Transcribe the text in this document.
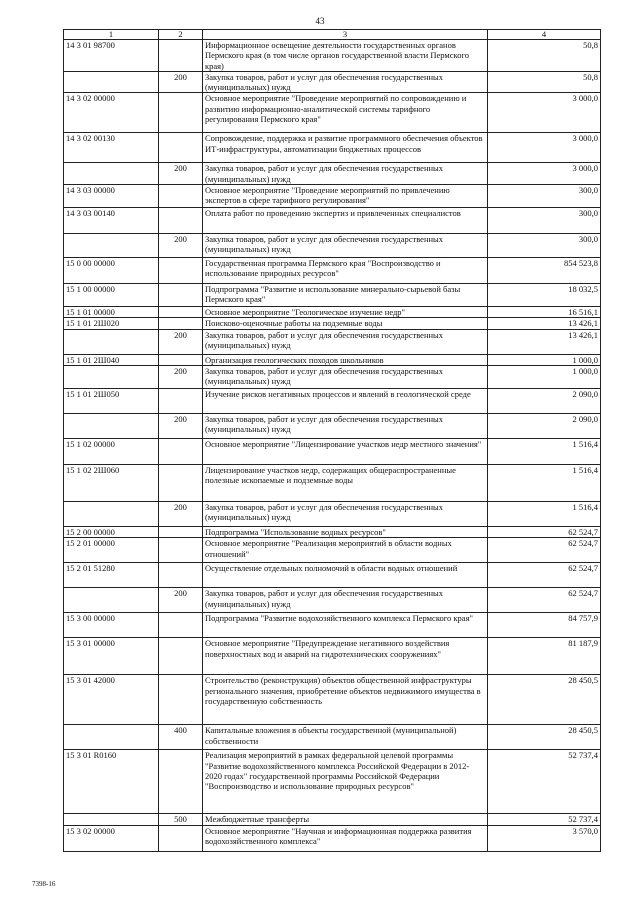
43
1	2	3	4
14 3 01 98700		Информационное освещение деятельности государственных органов Пермского края (в том числе органов государственной власти Пермского края)	50,8
	200	Закупка товаров, работ и услуг для обеспечения государственных (муниципальных) нужд	50,8
14 3 02 00000		Основное мероприятие "Проведение мероприятий по сопровождению и развитию информационно-аналитической системы тарифного регулирования Пермского края"	3 000,0
14 3 02 00130		Сопровождение, поддержка и развитие программного обеспечения объектов ИТ-инфраструктуры, автоматизации бюджетных процессов	3 000,0
	200	Закупка товаров, работ и услуг для обеспечения государственных (муниципальных) нужд	3 000,0
14 3 03 00000		Основное мероприятие "Проведение мероприятий по привлечению экспертов в сфере тарифного регулирования"	300,0
14 3 03 00140		Оплата работ по проведению экспертиз и привлеченных специалистов	300,0
	200	Закупка товаров, работ и услуг для обеспечения государственных (муниципальных) нужд	300,0
15 0 00 00000		Государственная программа Пермского края "Воспроизводство и использование природных ресурсов"	854 523,8
15 1 00 00000		Подпрограмма "Развитие и использование минерально-сырьевой базы Пермского края"	18 032,5
15 1 01 00000		Основное мероприятие "Геологическое изучение недр"	16 516,1
15 1 01 2Ш020		Поисково-оценочные работы на подземные воды	13 426,1
	200	Закупка товаров, работ и услуг для обеспечения государственных (муниципальных) нужд	13 426,1
15 1 01 2Ш040		Организация геологических походов школьников	1 000,0
	200	Закупка товаров, работ и услуг для обеспечения государственных (муниципальных) нужд	1 000,0
15 1 01 2Ш050		Изучение рисков негативных процессов и явлений в геологической среде	2 090,0
	200	Закупка товаров, работ и услуг для обеспечения государственных (муниципальных) нужд	2 090,0
15 1 02 00000		Основное мероприятие "Лицензирование участков недр местного значения"	1 516,4
15 1 02 2Ш060		Лицензирование участков недр, содержащих общераспространенные полезные ископаемые и подземные воды	1 516,4
	200	Закупка товаров, работ и услуг для обеспечения государственных (муниципальных) нужд	1 516,4
15 2 00 00000		Подпрограмма "Использование водных ресурсов"	62 524,7
15 2 01 00000		Основное мероприятие "Реализация мероприятий в области водных отношений"	62 524,7
15 2 01 51280		Осуществление отдельных полномочий в области водных отношений	62 524,7
	200	Закупка товаров, работ и услуг для обеспечения государственных (муниципальных) нужд	62 524,7
15 3 00 00000		Подпрограмма "Развитие водохозяйственного комплекса Пермского края"	84 757,9
15 3 01 00000		Основное мероприятие "Предупреждение негативного воздействия поверхностных вод и аварий на гидротехнических сооружениях"	81 187,9
15 3 01 42000		Строительство (реконструкция) объектов общественной инфраструктуры регионального значения, приобретение объектов недвижимого имущества в государственную собственность	28 450,5
	400	Капитальные вложения в объекты государственной (муниципальной) собственности	28 450,5
15 3 01 R0160		Реализация мероприятий в рамках федеральной целевой программы "Развитие водохозяйственного комплекса Российской Федерации в 2012-2020 годах" государственной программы Российской Федерации "Воспроизводство и использование природных ресурсов"	52 737,4
	500	Межбюджетные трансферты	52 737,4
15 3 02 00000		Основное мероприятие "Научная и информационная поддержка развития водохозяйственного комплекса"	3 570,0
7398-16
